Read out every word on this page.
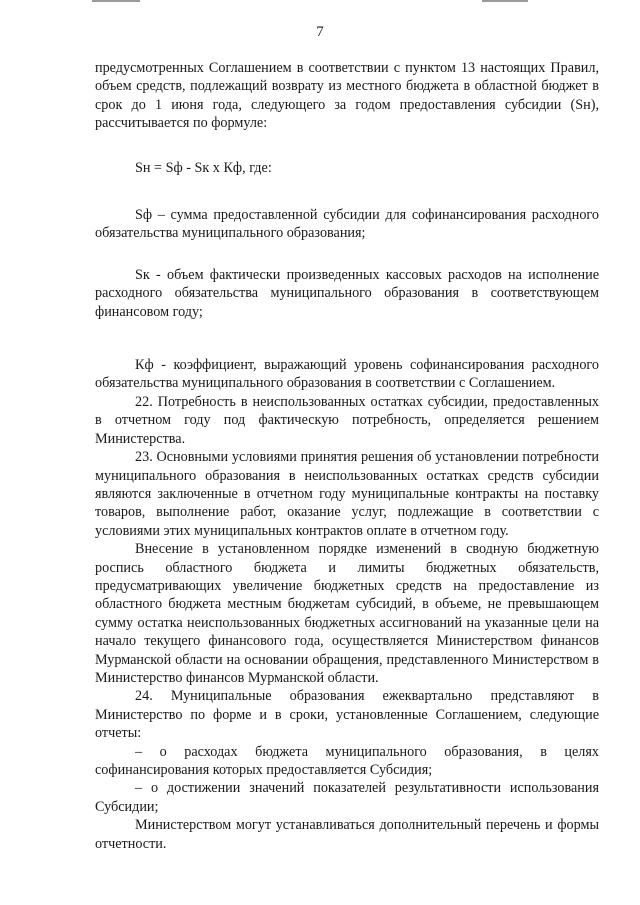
7

предусмотренных Соглашением в соответствии с пунктом 13 настоящих Правил, объем средств, подлежащий возврату из местного бюджета в областной бюджет в срок до 1 июня года, следующего за годом предоставления субсидии (Sн), рассчитывается по формуле:

Sн = Sф - Sк х Кф, где:

Sф – сумма предоставленной субсидии для софинансирования расходного обязательства муниципального образования;

Sк - объем фактически произведенных кассовых расходов на исполнение расходного обязательства муниципального образования в соответствующем финансовом году;

Кф - коэффициент, выражающий уровень софинансирования расходного обязательства муниципального образования в соответствии с Соглашением.

22. Потребность в неиспользованных остатках субсидии, предоставленных в отчетном году под фактическую потребность, определяется решением Министерства.

23. Основными условиями принятия решения об установлении потребности муниципального образования в неиспользованных остатках средств субсидии являются заключенные в отчетном году муниципальные контракты на поставку товаров, выполнение работ, оказание услуг, подлежащие в соответствии с условиями этих муниципальных контрактов оплате в отчетном году.

Внесение в установленном порядке изменений в сводную бюджетную роспись областного бюджета и лимиты бюджетных обязательств, предусматривающих увеличение бюджетных средств на предоставление из областного бюджета местным бюджетам субсидий, в объеме, не превышающем сумму остатка неиспользованных бюджетных ассигнований на указанные цели на начало текущего финансового года, осуществляется Министерством финансов Мурманской области на основании обращения, представленного Министерством в Министерство финансов Мурманской области.

24. Муниципальные образования ежеквартально представляют в Министерство по форме и в сроки, установленные Соглашением, следующие отчеты:

– о расходах бюджета муниципального образования, в целях софинансирования которых предоставляется Субсидия;

– о достижении значений показателей результативности использования Субсидии;

Министерством могут устанавливаться дополнительный перечень и формы отчетности.
